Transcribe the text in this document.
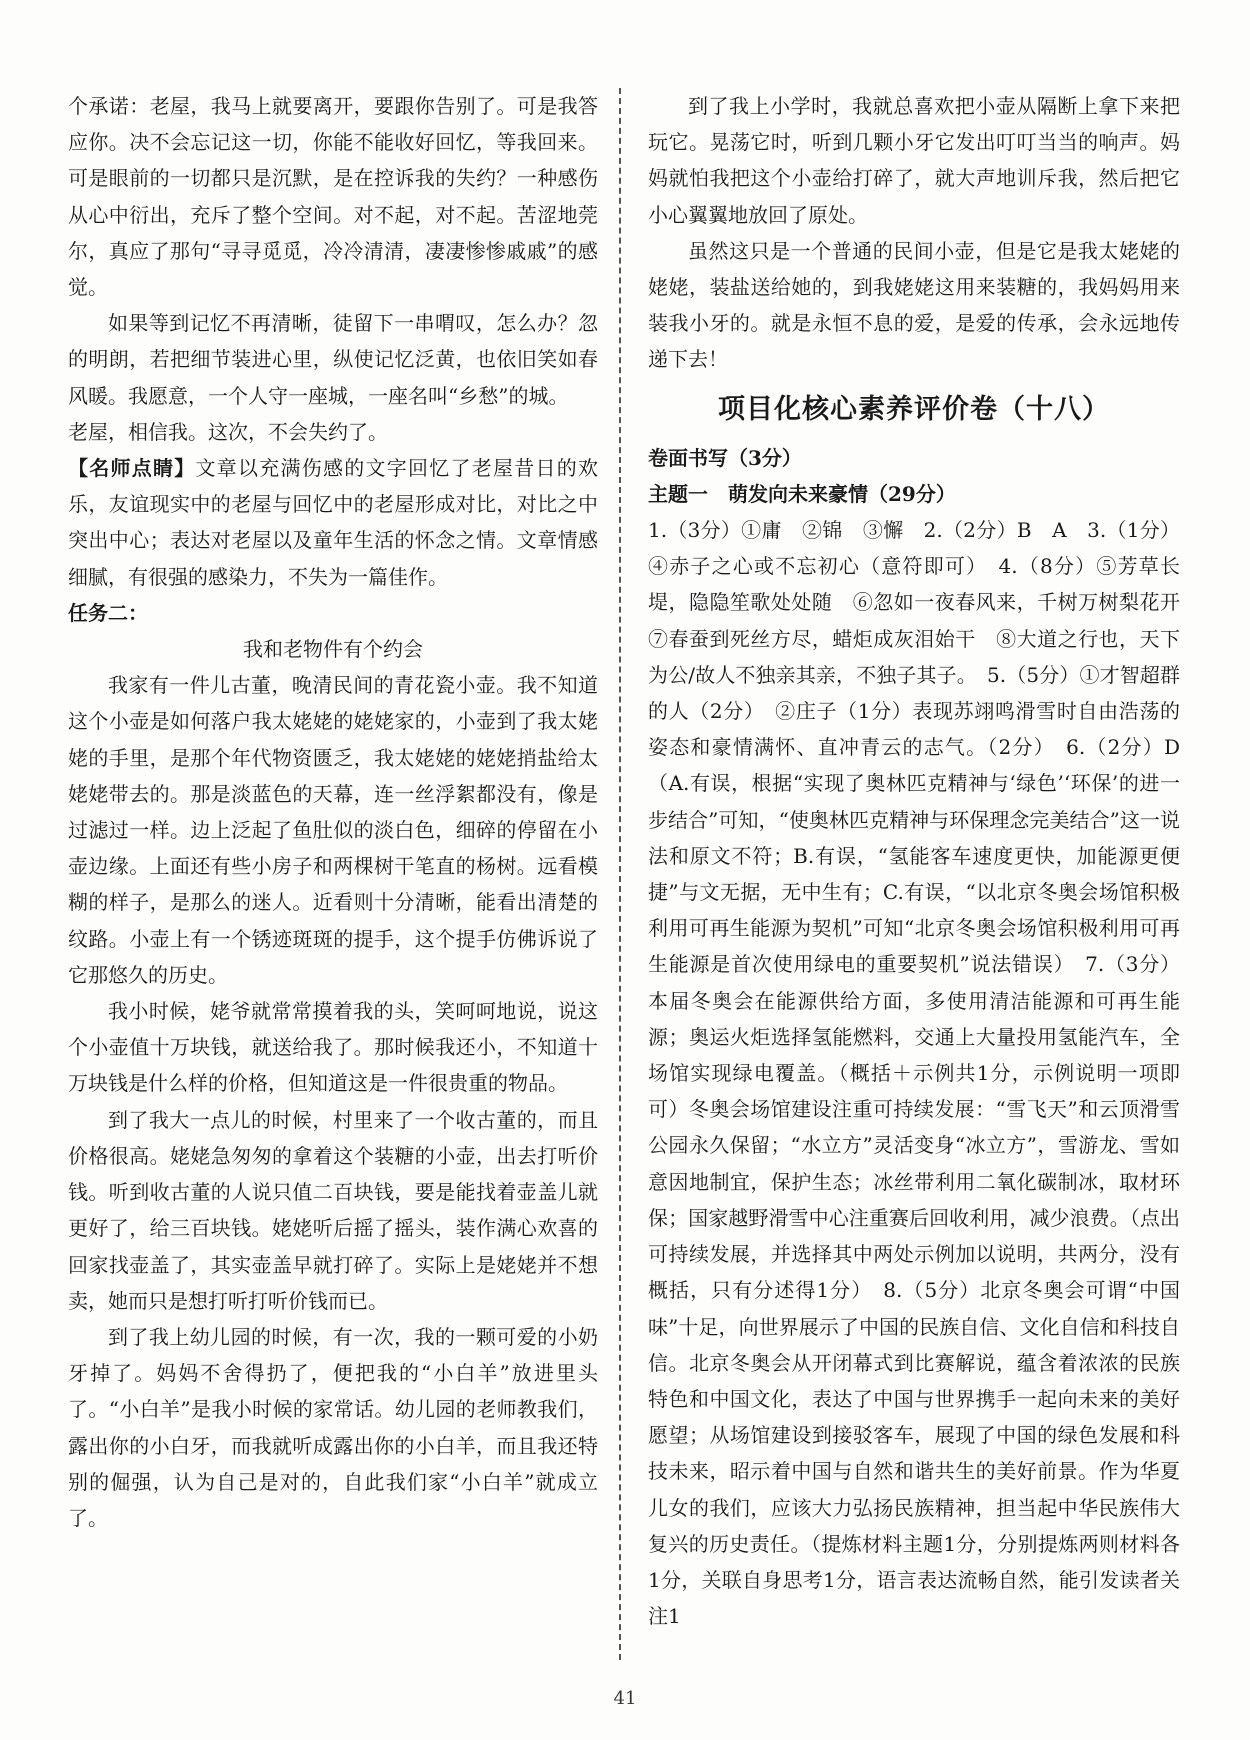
个承诺：老屋，我马上就要离开，要跟你告别了。可是我答应你。决不会忘记这一切，你能不能收好回忆，等我回来。可是眼前的一切都只是沉默，是在控诉我的失约？一种感伤从心中衍出，充斥了整个空间。对不起，对不起。苦涩地莞尔，真应了那句“寻寻觅觅，冷冷清清，凄凄惨惨戚戚”的感觉。

如果等到记忆不再清晰，徒留下一串喟叹，怎么办？忽的明朗，若把细节装进心里，纵使记忆泛黄，也依旧笑如春风暖。我愿意，一个人守一座城，一座名叫“乡愁”的城。

老屋，相信我。这次，不会失约了。

【名师点睛】文章以充满伤感的文字回忆了老屋昔日的欢乐，友谊现实中的老屋与回忆中的老屋形成对比，对比之中突出中心；表达对老屋以及童年生活的怀念之情。文章情感细腻，有很强的感染力，不失为一篇佳作。

任务二：

我和老物件有个约会

我家有一件儿古董，晚清民间的青花瓷小壶。我不知道这个小壶是如何落户我太姥姥的姥姥家的，小壶到了我太姥姥的手里，是那个年代物资匮乏，我太姥姥的姥姥捎盐给太姥姥带去的。那是淡蓝色的天幕，连一丝浮絮都没有，像是过滤过一样。边上泛起了鱼肚似的淡白色，细碎的停留在小壶边缘。上面还有些小房子和两棵树干笔直的杨树。远看模糊的样子，是那么的迷人。近看则十分清晰，能看出清楚的纹路。小壶上有一个锈迹斑斑的提手，这个提手仿佛诉说了它那悠久的历史。

我小时候，姥爷就常常摸着我的头，笑呵呵地说，说这个小壶值十万块钱，就送给我了。那时候我还小，不知道十万块钱是什么样的价格，但知道这是一件很贵重的物品。

到了我大一点儿的时候，村里来了一个收古董的，而且价格很高。姥姥急匆匆的拿着这个装糖的小壶，出去打听价钱。听到收古董的人说只值二百块钱，要是能找着壶盖儿就更好了，给三百块钱。姥姥听后摇了摇头，装作满心欢喜的回家找壶盖了，其实壶盖早就打碎了。实际上是姥姥并不想卖，她而只是想打听打听价钱而已。

到了我上幼儿园的时候，有一次，我的一颗可爱的小奶牙掉了。妈妈不舍得扔了，便把我的“小白羊”放进里头了。“小白羊”是我小时候的家常话。幼儿园的老师教我们，露出你的小白牙，而我就听成露出你的小白羊，而且我还特别的倔强，认为自己是对的，自此我们家“小白羊”就成立了。

到了我上小学时，我就总喜欢把小壶从隔断上拿下来把玩它。晃荡它时，听到几颗小牙它发出叮叮当当的响声。妈妈就怕我把这个小壶给打碎了，就大声地训斥我，然后把它小心翼翼地放回了原处。

虽然这只是一个普通的民间小壶，但是它是我太姥姥的姥姥，装盐送给她的，到我姥姥这用来装糖的，我妈妈用来装我小牙的。就是永恒不息的爱，是爱的传承，会永远地传递下去！

项目化核心素养评价卷（十八）

卷面书写（3分）

主题一　萌发向未来豪情（29分）

1.（3分）①庸　②锦　③懈　2.（2分）B　A　3.（1分）④赤子之心或不忘初心（意符即可）　4.（8分）⑤芳草长堤，隐隐笙歌处处随　⑥忽如一夜春风来，千树万树梨花开　⑦春蚕到死丝方尽，蜡炬成灰泪始干　⑧大道之行也，天下为公/故人不独亲其亲，不独子其子。　5.（5分）①才智超群的人（2分）　②庄子（1分）表现苏翊鸣滑雪时自由浩荡的姿态和豪情满怀、直冲青云的志气。（2分）　6.（2分）D（A.有误，根据“实现了奥林匹克精神与‘绿色’‘环保’的进一步结合”可知，“使奥林匹克精神与环保理念完美结合”这一说法和原文不符；B.有误，“氢能客车速度更快，加能源更便捷”与文无据，无中生有；C.有误，“以北京冬奥会场馆积极利用可再生能源为契机”可知“北京冬奥会场馆积极利用可再生能源是首次使用绿电的重要契机”说法错误）　7.（3分）本届冬奥会在能源供给方面，多使用清洁能源和可再生能源；奥运火炬选择氢能燃料，交通上大量投用氢能汽车，全场馆实现绿电覆盖。（概括＋示例共1分，示例说明一项即可）冬奥会场馆建设注重可持续发展：“雪飞天”和云顶滑雪公园永久保留；“水立方”灵活变身“冰立方”，雪游龙、雪如意因地制宜，保护生态；冰丝带利用二氧化碳制冰，取材环保；国家越野滑雪中心注重赛后回收利用，减少浪费。（点出可持续发展，并选择其中两处示例加以说明，共两分，没有概括，只有分述得1分）　8.（5分）北京冬奥会可谓“中国味”十足，向世界展示了中国的民族自信、文化自信和科技自信。北京冬奥会从开闭幕式到比赛解说，蕴含着浓浓的民族特色和中国文化，表达了中国与世界携手一起向未来的美好愿望；从场馆建设到接驳客车，展现了中国的绿色发展和科技未来，昭示着中国与自然和谐共生的美好前景。作为华夏儿女的我们，应该大力弘扬民族精神，担当起中华民族伟大复兴的历史责任。（提炼材料主题1分，分别提炼两则材料各1分，关联自身思考1分，语言表达流畅自然，能引发读者关注1

41
